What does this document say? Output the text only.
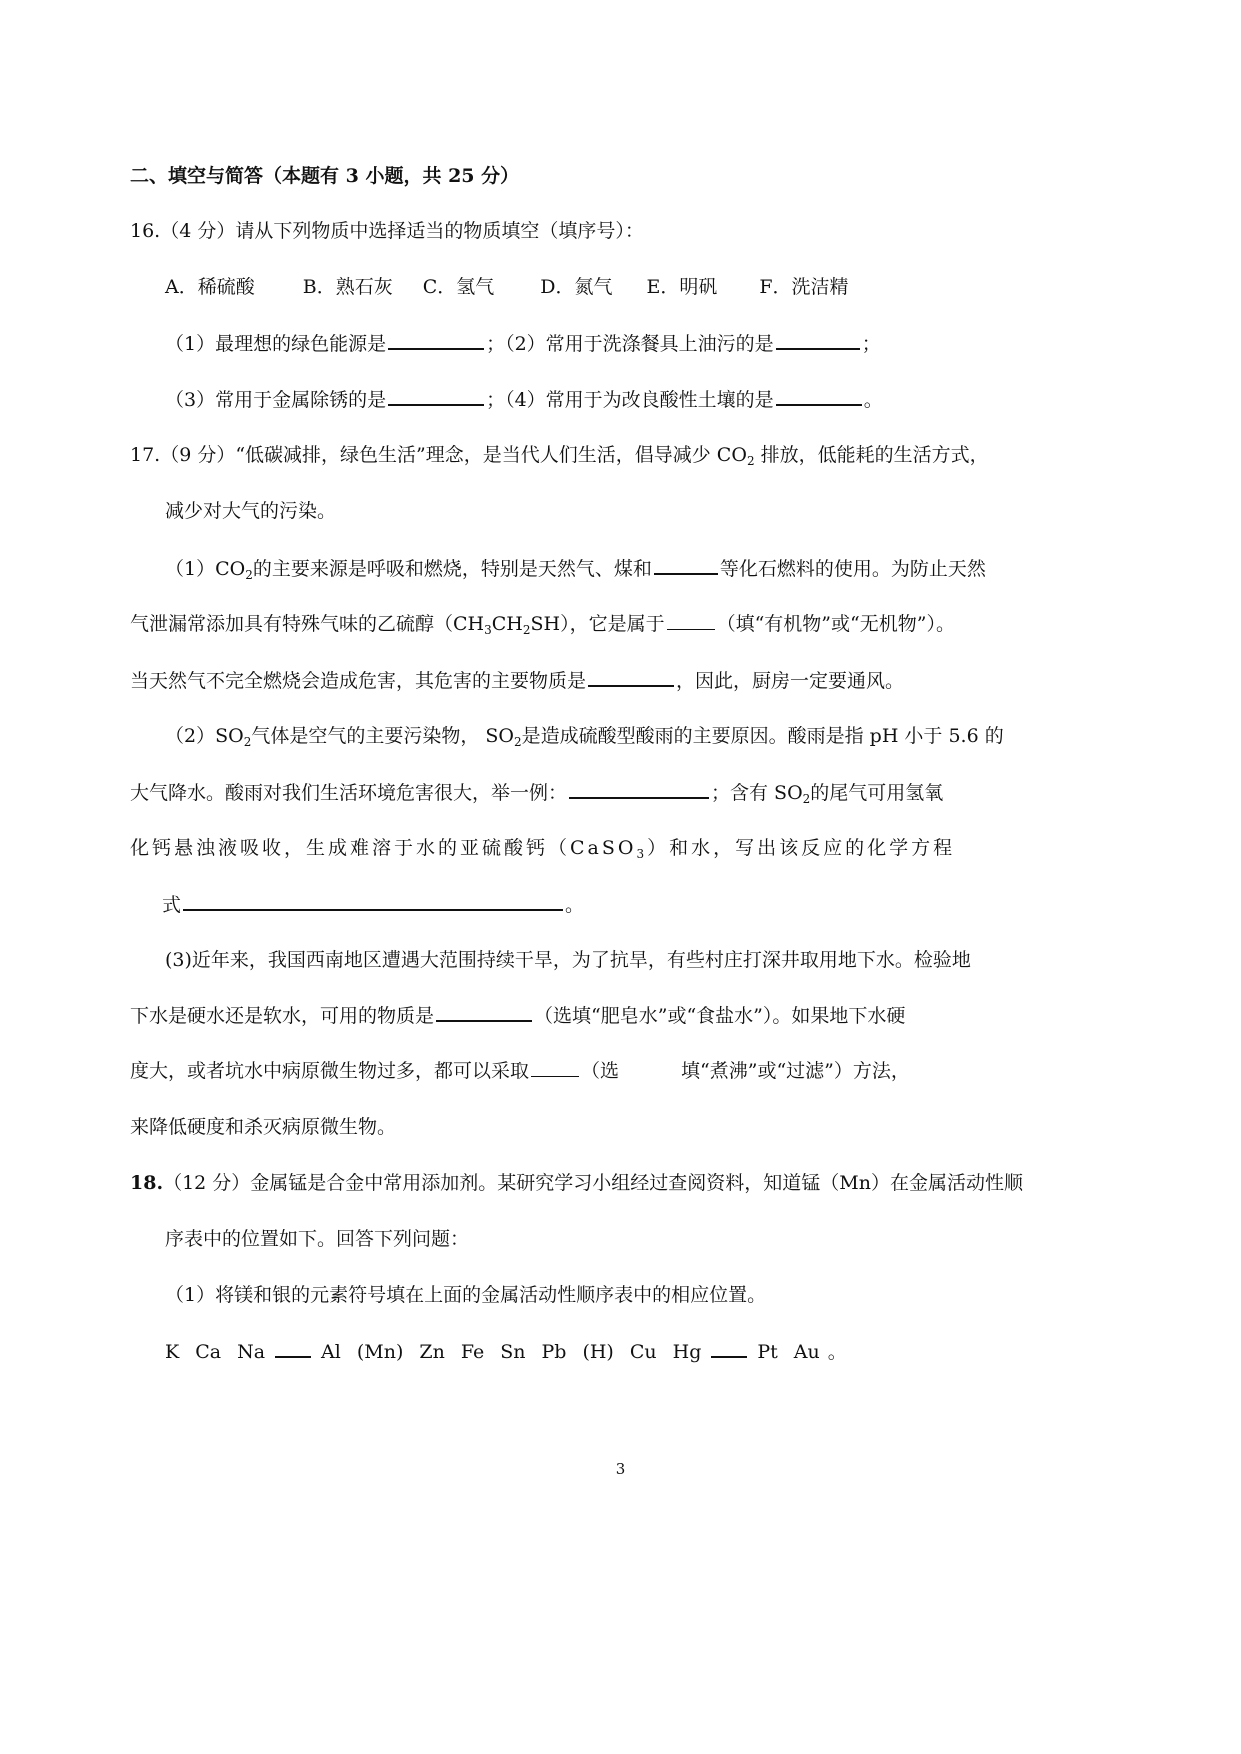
二、填空与简答（本题有 3 小题，共 25 分）
16.（4 分）请从下列物质中选择适当的物质填空（填序号）：
A．稀硫酸	B．熟石灰 C．氢气 D．氮气 E．明矾 F．洗洁精
（1）最理想的绿色能源是	；（2）常用于洗涤餐具上油污的是	；
（3）常用于金属除锈的是	；（4）常用于为改良酸性土壤的是	。
17.（9 分）“低碳减排，绿色生活”理念，是当代人们生活，倡导减少 $CO_2$ 排放，低能耗的生活方式，
减少对大气的污染。
$(1)CO_2$的主要来源是呼吸和燃烧，特别是天然气、煤和	等化石燃料的使用。为防止天然
气泄漏常添加具有特殊气味的乙硫醇$(CH_3CH_2SH)$，它是属于	（填“有机物”或“无机物”）。
当天然气不完全燃烧会造成危害，其危害的主要物质是	，因此，厨房一定要通风。
$(2)SO_2$气体是空气的主要污染物， $SO_2$是造成硫酸型酸雨的主要原因。酸雨是指 pH 小于 5.6 的
大气降水。酸雨对我们生活环境危害很大，举一例：	；含有 $SO_2$的尾气可用氢氧
化钙悬浊液吸收，生成难溶于水的亚硫酸钙（CaSO$_3$）和水，写出该反应的化学方程
式	。
(3)近年来，我国西南地区遭遇大范围持续干旱，为了抗旱，有些村庄打深井取用地下水。检验地
下水是硬水还是软水，可用的物质是	（选填“肥皂水”或“食盐水”）。如果地下水硬
度大，或者坑水中病原微生物过多，都可以采取	（选	填“煮沸”或“过滤”）方法，
来降低硬度和杀灭病原微生物。
18.（12 分）金属锰是合金中常用添加剂。某研究学习小组经过查阅资料，知道锰（Mn）在金属活动性顺
序表中的位置如下。回答下列问题：
（1）将镁和银的元素符号填在上面的金属活动性顺序表中的相应位置。
K Ca Na	Al (Mn) Zn Fe Sn Pb (H) Cu Hg	Pt Au 。
3
